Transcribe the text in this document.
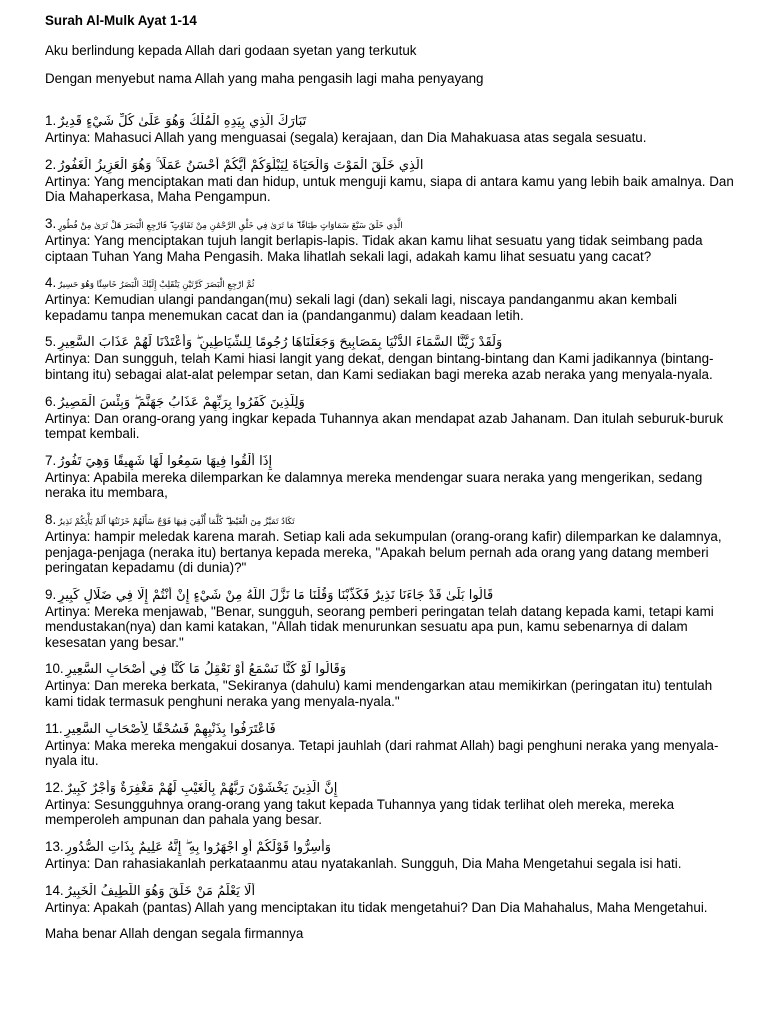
Surah Al-Mulk Ayat 1-14

Aku berlindung kepada Allah dari godaan syetan yang terkutuk

Dengan menyebut nama Allah yang maha pengasih lagi maha penyayang

1. تَبَارَكَ الَّذِي بِيَدِهِ الْمُلْكُ وَهُوَ عَلَىٰ كُلِّ شَيْءٍ قَدِيرٌ

Artinya: Mahasuci Allah yang menguasai (segala) kerajaan, dan Dia Mahakuasa atas segala sesuatu.

2. الَّذِي خَلَقَ الْمَوْتَ وَالْحَيَاةَ لِيَبْلُوَكُمْ أَيُّكُمْ أَحْسَنُ عَمَلًا ۚ وَهُوَ الْعَزِيزُ الْغَفُورُ

Artinya: Yang menciptakan mati dan hidup, untuk menguji kamu, siapa di antara kamu yang lebih baik amalnya. Dan Dia Mahaperkasa, Maha Pengampun.

3. الَّذِي خَلَقَ سَبْعَ سَمَاوَاتٍ طِبَاقًا ۖ مَا تَرَىٰ فِي خَلْقِ الرَّحْمَٰنِ مِنْ تَفَاوُتٍ ۖ فَارْجِعِ الْبَصَرَ هَلْ تَرَىٰ مِنْ فُطُورٍ

Artinya: Yang menciptakan tujuh langit berlapis-lapis. Tidak akan kamu lihat sesuatu yang tidak seimbang pada ciptaan Tuhan Yang Maha Pengasih. Maka lihatlah sekali lagi, adakah kamu lihat sesuatu yang cacat?

4. ثُمَّ ارْجِعِ الْبَصَرَ كَرَّتَيْنِ يَنْقَلِبْ إِلَيْكَ الْبَصَرُ خَاسِئًا وَهُوَ حَسِيرٌ

Artinya: Kemudian ulangi pandangan(mu) sekali lagi (dan) sekali lagi, niscaya pandanganmu akan kembali kepadamu tanpa menemukan cacat dan ia (pandanganmu) dalam keadaan letih.

5. وَلَقَدْ زَيَّنَّا السَّمَاءَ الدُّنْيَا بِمَصَابِيحَ وَجَعَلْنَاهَا رُجُومًا لِلشَّيَاطِينِ ۖ وَأَعْتَدْنَا لَهُمْ عَذَابَ السَّعِيرِ

Artinya: Dan sungguh, telah Kami hiasi langit yang dekat, dengan bintang-bintang dan Kami jadikannya (bintang-bintang itu) sebagai alat-alat pelempar setan, dan Kami sediakan bagi mereka azab neraka yang menyala-nyala.

6. وَلِلَّذِينَ كَفَرُوا بِرَبِّهِمْ عَذَابُ جَهَنَّمَ ۖ وَبِئْسَ الْمَصِيرُ

Artinya: Dan orang-orang yang ingkar kepada Tuhannya akan mendapat azab Jahanam. Dan itulah seburuk-buruk tempat kembali.

7. إِذَا أُلْقُوا فِيهَا سَمِعُوا لَهَا شَهِيقًا وَهِيَ تَفُورُ

Artinya: Apabila mereka dilemparkan ke dalamnya mereka mendengar suara neraka yang mengerikan, sedang neraka itu membara,

8. تَكَادُ تَمَيَّزُ مِنَ الْغَيْظِ ۖ كُلَّمَا أُلْقِيَ فِيهَا فَوْجٌ سَأَلَهُمْ خَزَنَتُهَا أَلَمْ يَأْتِكُمْ نَذِيرٌ

Artinya: hampir meledak karena marah. Setiap kali ada sekumpulan (orang-orang kafir) dilemparkan ke dalamnya, penjaga-penjaga (neraka itu) bertanya kepada mereka, "Apakah belum pernah ada orang yang datang memberi peringatan kepadamu (di dunia)?"

9. قَالُوا بَلَىٰ قَدْ جَاءَنَا نَذِيرٌ فَكَذَّبْنَا وَقُلْنَا مَا نَزَّلَ اللَّهُ مِنْ شَيْءٍ إِنْ أَنْتُمْ إِلَّا فِي ضَلَالٍ كَبِيرٍ

Artinya: Mereka menjawab, "Benar, sungguh, seorang pemberi peringatan telah datang kepada kami, tetapi kami mendustakan(nya) dan kami katakan, "Allah tidak menurunkan sesuatu apa pun, kamu sebenarnya di dalam kesesatan yang besar."

10. وَقَالُوا لَوْ كُنَّا نَسْمَعُ أَوْ نَعْقِلُ مَا كُنَّا فِي أَصْحَابِ السَّعِيرِ

Artinya: Dan mereka berkata, "Sekiranya (dahulu) kami mendengarkan atau memikirkan (peringatan itu) tentulah kami tidak termasuk penghuni neraka yang menyala-nyala."

11. فَاعْتَرَفُوا بِذَنْبِهِمْ فَسُحْقًا لِأَصْحَابِ السَّعِيرِ

Artinya: Maka mereka mengakui dosanya. Tetapi jauhlah (dari rahmat Allah) bagi penghuni neraka yang menyala-nyala itu.

12. إِنَّ الَّذِينَ يَخْشَوْنَ رَبَّهُمْ بِالْغَيْبِ لَهُمْ مَغْفِرَةٌ وَأَجْرٌ كَبِيرٌ

Artinya: Sesungguhnya orang-orang yang takut kepada Tuhannya yang tidak terlihat oleh mereka, mereka memperoleh ampunan dan pahala yang besar.

13. وَأَسِرُّوا قَوْلَكُمْ أَوِ اجْهَرُوا بِهِ ۖ إِنَّهُ عَلِيمٌ بِذَاتِ الصُّدُورِ

Artinya: Dan rahasiakanlah perkataanmu atau nyatakanlah. Sungguh, Dia Maha Mengetahui segala isi hati.

14. أَلَا يَعْلَمُ مَنْ خَلَقَ وَهُوَ اللَّطِيفُ الْخَبِيرُ

Artinya: Apakah (pantas) Allah yang menciptakan itu tidak mengetahui? Dan Dia Mahahalus, Maha Mengetahui.

Maha benar Allah dengan segala firmannya
